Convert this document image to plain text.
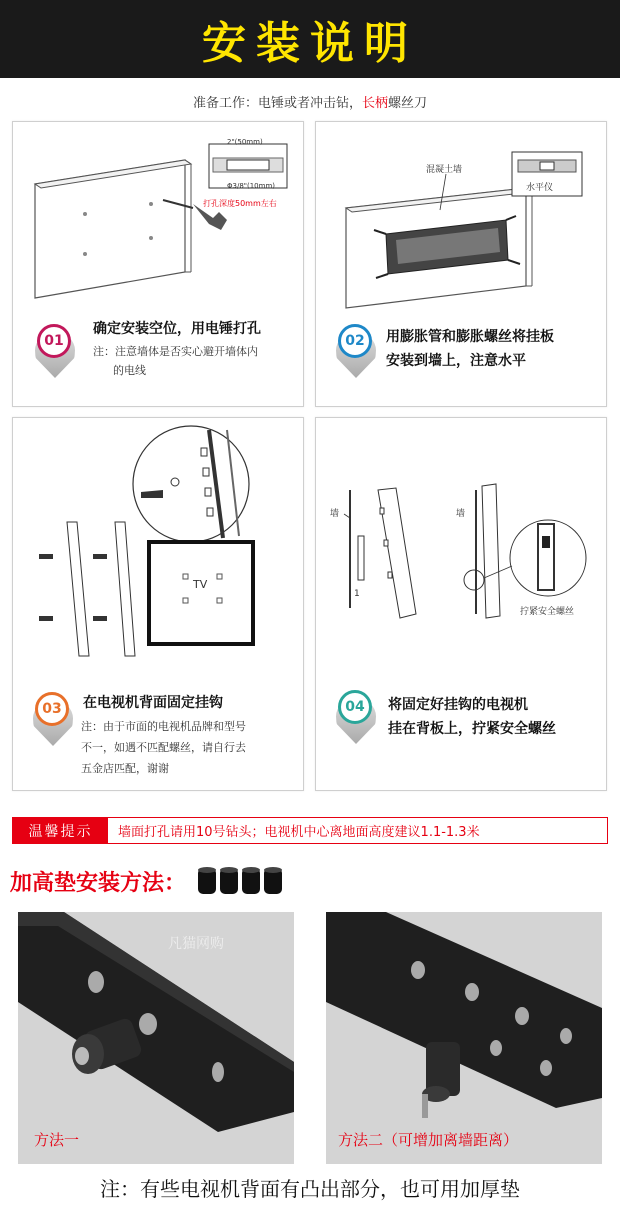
安装说明
准备工作：电锤或者冲击钻，长柄螺丝刀
2"(50mm)
Φ3/8"(10mm)
打孔深度50mm左右
01
确定安装空位，用电锤打孔
注：注意墙体是否实心避开墙体内
的电线
混凝土墙
水平仪
02	用膨胀管和膨胀螺丝将挂板
安装到墙上，注意水平
TV
03	在电视机背面固定挂钩
注：由于市面的电视机品牌和型号
不一，如遇不匹配螺丝，请自行去
五金店匹配，谢谢
墙
1
墙
拧紧安全螺丝
04	将固定好挂钩的电视机
挂在背板上，拧紧安全螺丝
温馨提示	墙面打孔请用10号钻头；电视机中心离地面高度建议1.1-1.3米
加高垫安装方法：
凡猫网购
方法一	方法二（可增加离墙距离）
注：有些电视机背面有凸出部分，也可用加厚垫
